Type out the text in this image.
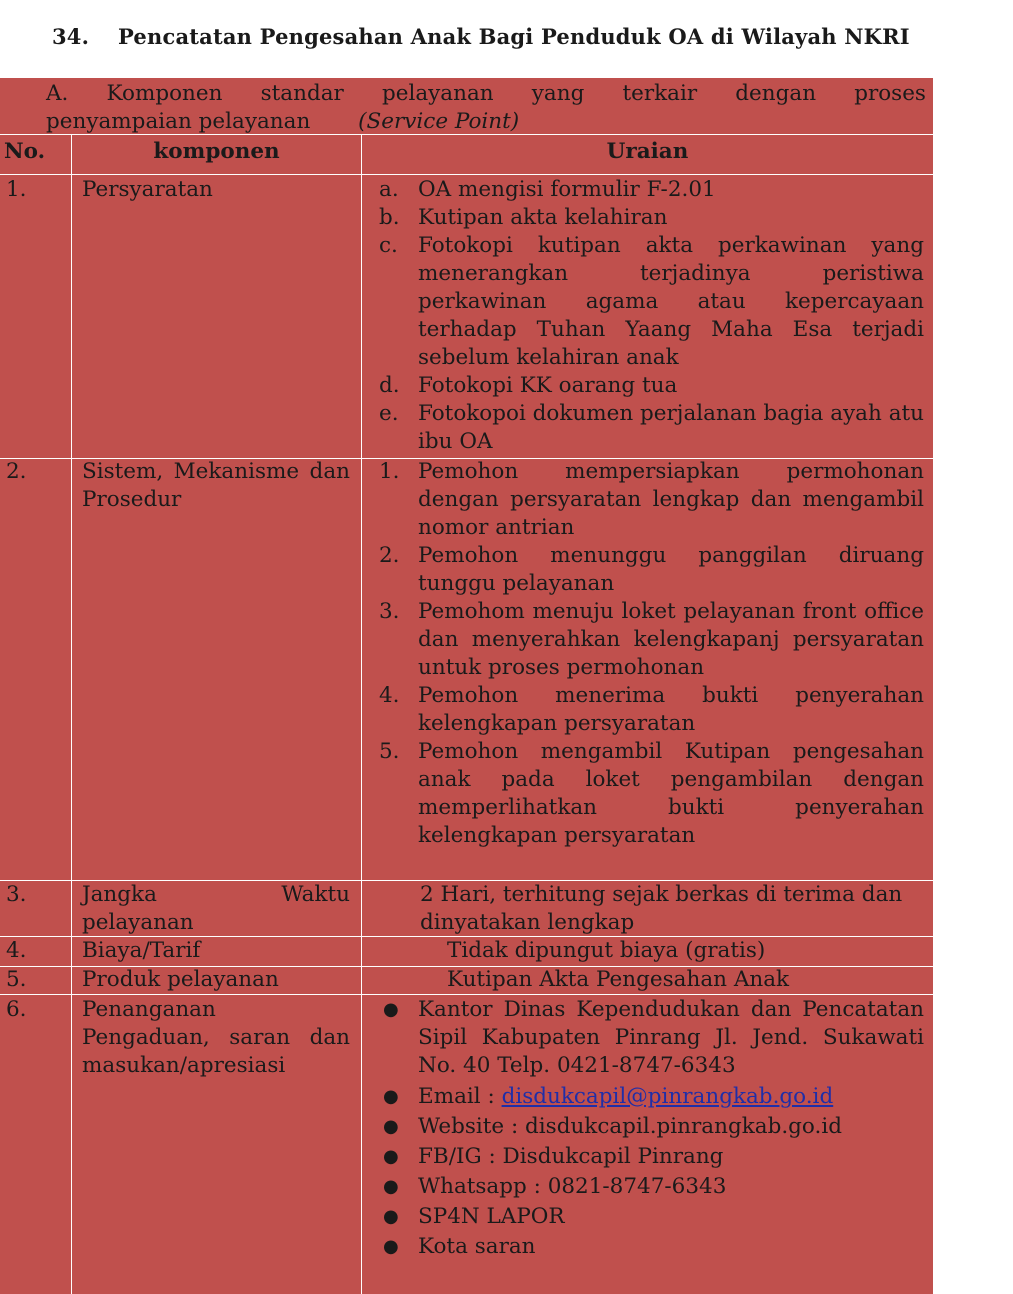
34. Pencatatan Pengesahan Anak Bagi Penduduk OA di Wilayah NKRI
A. Komponen standar pelayanan yang terkair dengan proses
penyampaian pelayanan (Service Point)
No.	komponen	Uraian
1.	Persyaratan	a. OA mengisi formulir F-2.01
b. Kutipan akta kelahiran
c. Fotokopi kutipan akta perkawinan yang menerangkan terjadinya peristiwa perkawinan agama atau kepercayaan terhadap Tuhan Yaang Maha Esa terjadi sebelum kelahiran anak
d. Fotokopi KK oarang tua
e. Fotokopoi dokumen perjalanan bagia ayah atu ibu OA
2.	Sistem, Mekanisme dan Prosedur
1. Pemohon mempersiapkan permohonan dengan persyaratan lengkap dan mengambil nomor antrian
2. Pemohon menunggu panggilan diruang tunggu pelayanan
3. Pemohom menuju loket pelayanan front office dan menyerahkan kelengkapanj persyaratan untuk proses permohonan
4. Pemohon menerima bukti penyerahan kelengkapan persyaratan
5. Pemohon mengambil Kutipan pengesahan anak pada loket pengambilan dengan memperlihatkan bukti penyerahan kelengkapan persyaratan
3.	Jangka Waktu pelayanan
2 Hari, terhitung sejak berkas di terima dan dinyatakan lengkap
4.	Biaya/Tarif	Tidak dipungut biaya (gratis)
5.	Produk pelayanan	Kutipan Akta Pengesahan Anak
6.	Penanganan Pengaduan, saran dan masukan/apresiasi
● Kantor Dinas Kependudukan dan Pencatatan Sipil Kabupaten Pinrang Jl. Jend. Sukawati No. 40 Telp. 0421-8747-6343
● Email : disdukcapil@pinrangkab.go.id
● Website : disdukcapil.pinrangkab.go.id
● FB/IG : Disdukcapil Pinrang
● Whatsapp : 0821-8747-6343
● SP4N LAPOR
● Kota saran
